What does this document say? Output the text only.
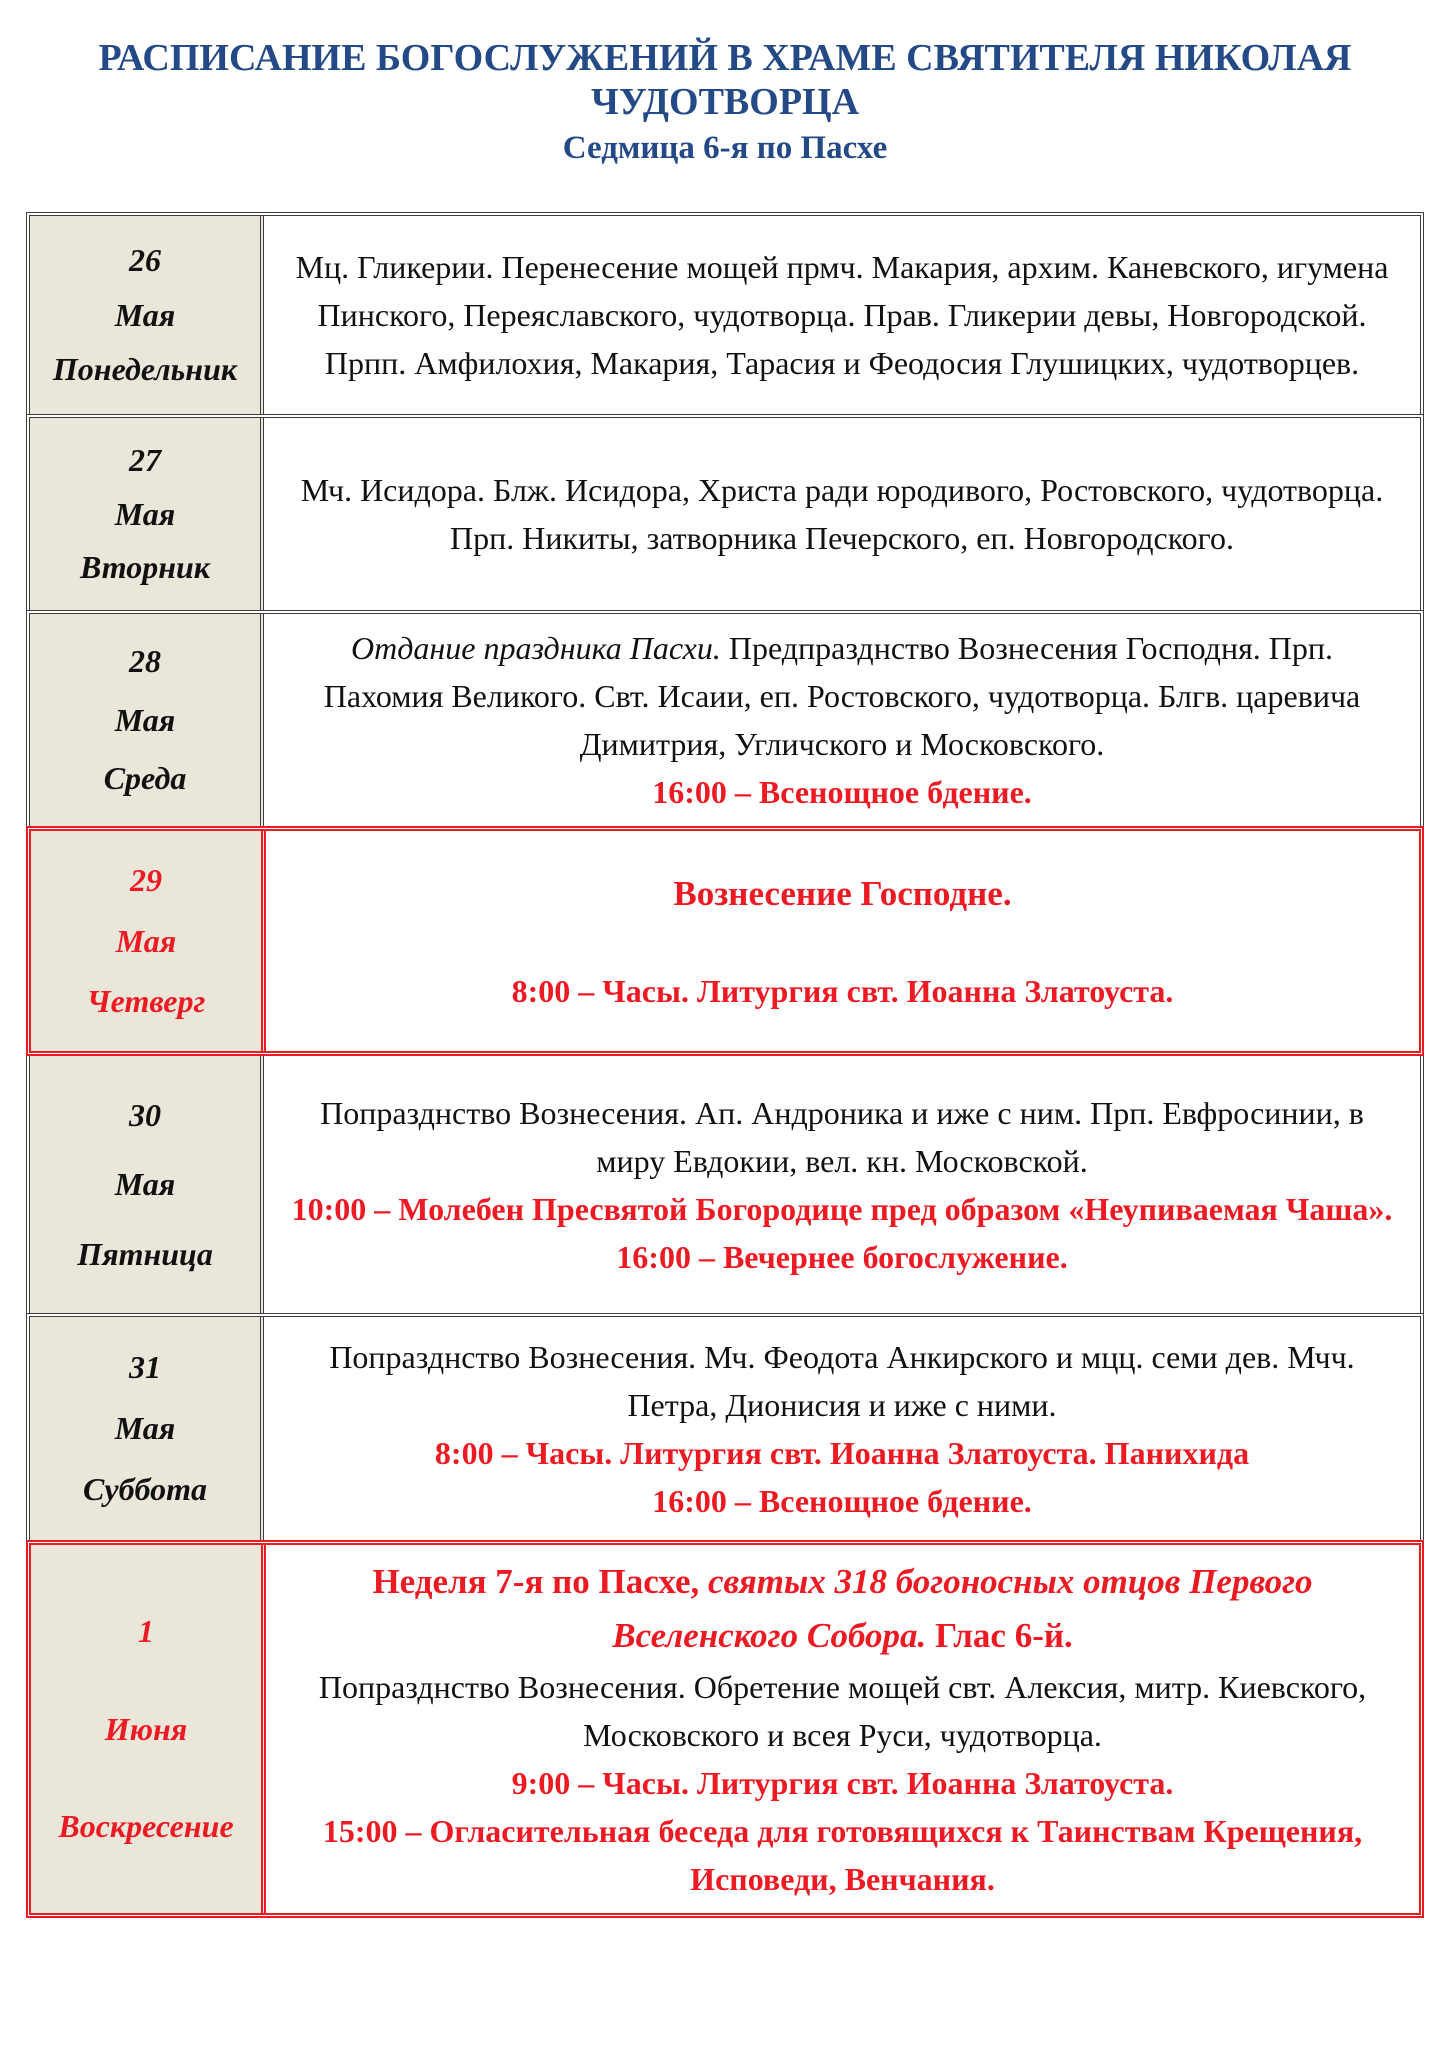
РАСПИСАНИЕ БОГОСЛУЖЕНИЙ В ХРАМЕ СВЯТИТЕЛЯ НИКОЛАЯ ЧУДОТВОРЦА
Седмица 6-я по Пасхе
26
Мая
Понедельник

Мц. Гликерии. Перенесение мощей прмч. Макария, архим. Каневского, игумена Пинского, Переяславского, чудотворца. Прав. Гликерии девы, Новгородской. Прпп. Амфилохия, Макария, Тарасия и Феодосия Глушицких, чудотворцев.

27
Мая
Вторник

Мч. Исидора. Блж. Исидора, Христа ради юродивого, Ростовского, чудотворца. Прп. Никиты, затворника Печерского, еп. Новгородского.

28
Мая
Среда

Отдание праздника Пасхи. Предпразднство Вознесения Господня. Прп. Пахомия Великого. Свт. Исаии, еп. Ростовского, чудотворца. Блгв. царевича Димитрия, Угличского и Московского.

16:00 – Всенощное бдение.

29
Мая
Четверг

Вознесение Господне.

8:00 – Часы. Литургия свт. Иоанна Златоуста.

30
Мая
Пятница

Попразднство Вознесения. Ап. Андроника и иже с ним. Прп. Евфросинии, в миру Евдокии, вел. кн. Московской.

10:00 – Молебен Пресвятой Богородице пред образом «Неупиваемая Чаша».

16:00 – Вечернее богослужение.

31
Мая
Суббота

Попразднство Вознесения. Мч. Феодота Анкирского и мцц. семи дев. Мчч. Петра, Дионисия и иже с ними.

8:00 – Часы. Литургия свт. Иоанна Златоуста. Панихида

16:00 – Всенощное бдение.

1
Июня
Воскресение

Неделя 7-я по Пасхе, святых 318 богоносных отцов Первого Вселенского Собора. Глас 6-й.

Попразднство Вознесения. Обретение мощей свт. Алексия, митр. Киевского, Московского и всея Руси, чудотворца.

9:00 – Часы. Литургия свт. Иоанна Златоуста.

15:00 – Огласительная беседа для готовящихся к Таинствам Крещения, Исповеди, Венчания.
